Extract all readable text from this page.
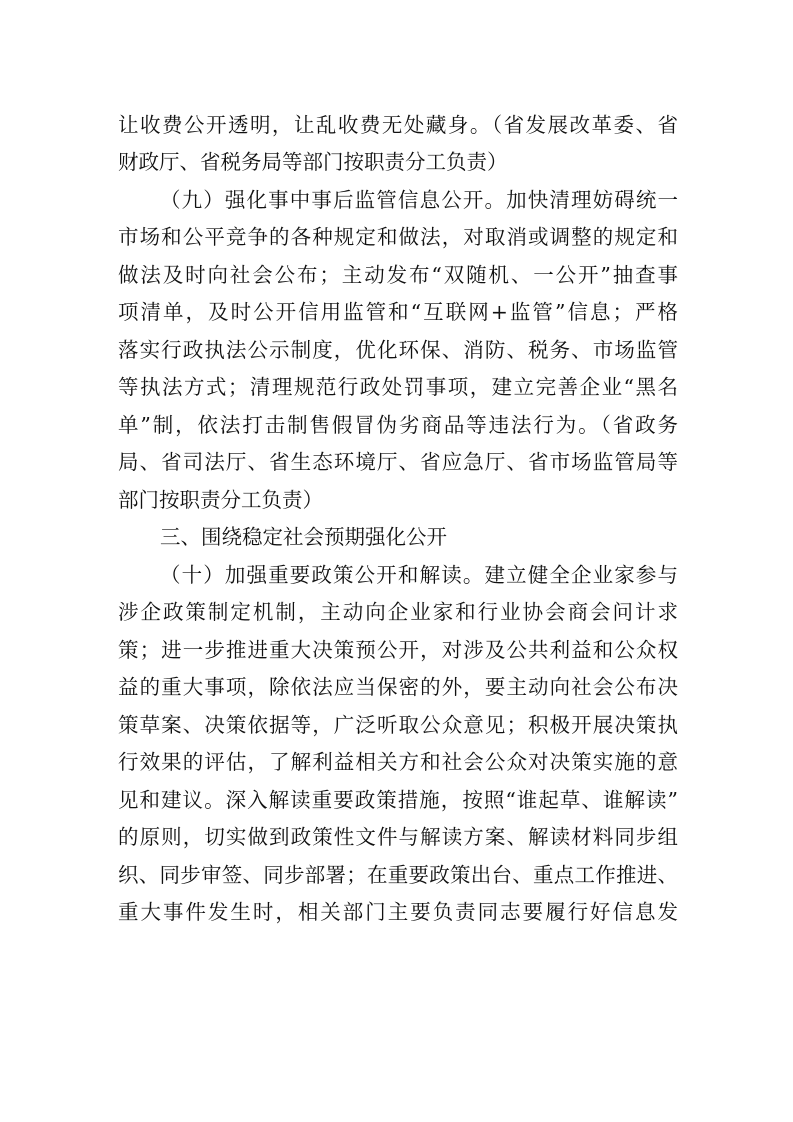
让收费公开透明，让乱收费无处藏身。（省发展改革委、省
财政厅、省税务局等部门按职责分工负责）
（九）强化事中事后监管信息公开。加快清理妨碍统一
市场和公平竞争的各种规定和做法，对取消或调整的规定和
做法及时向社会公布；主动发布“双随机、一公开”抽查事
项清单，及时公开信用监管和“互联网+监管”信息；严格
落实行政执法公示制度，优化环保、消防、税务、市场监管
等执法方式；清理规范行政处罚事项，建立完善企业“黑名
单”制，依法打击制售假冒伪劣商品等违法行为。（省政务
局、省司法厅、省生态环境厅、省应急厅、省市场监管局等
部门按职责分工负责）
三、围绕稳定社会预期强化公开
（十）加强重要政策公开和解读。建立健全企业家参与
涉企政策制定机制，主动向企业家和行业协会商会问计求
策；进一步推进重大决策预公开，对涉及公共利益和公众权
益的重大事项，除依法应当保密的外，要主动向社会公布决
策草案、决策依据等，广泛听取公众意见；积极开展决策执
行效果的评估，了解利益相关方和社会公众对决策实施的意
见和建议。深入解读重要政策措施，按照“谁起草、谁解读”
的原则，切实做到政策性文件与解读方案、解读材料同步组
织、同步审签、同步部署；在重要政策出台、重点工作推进、
重大事件发生时，相关部门主要负责同志要履行好信息发
